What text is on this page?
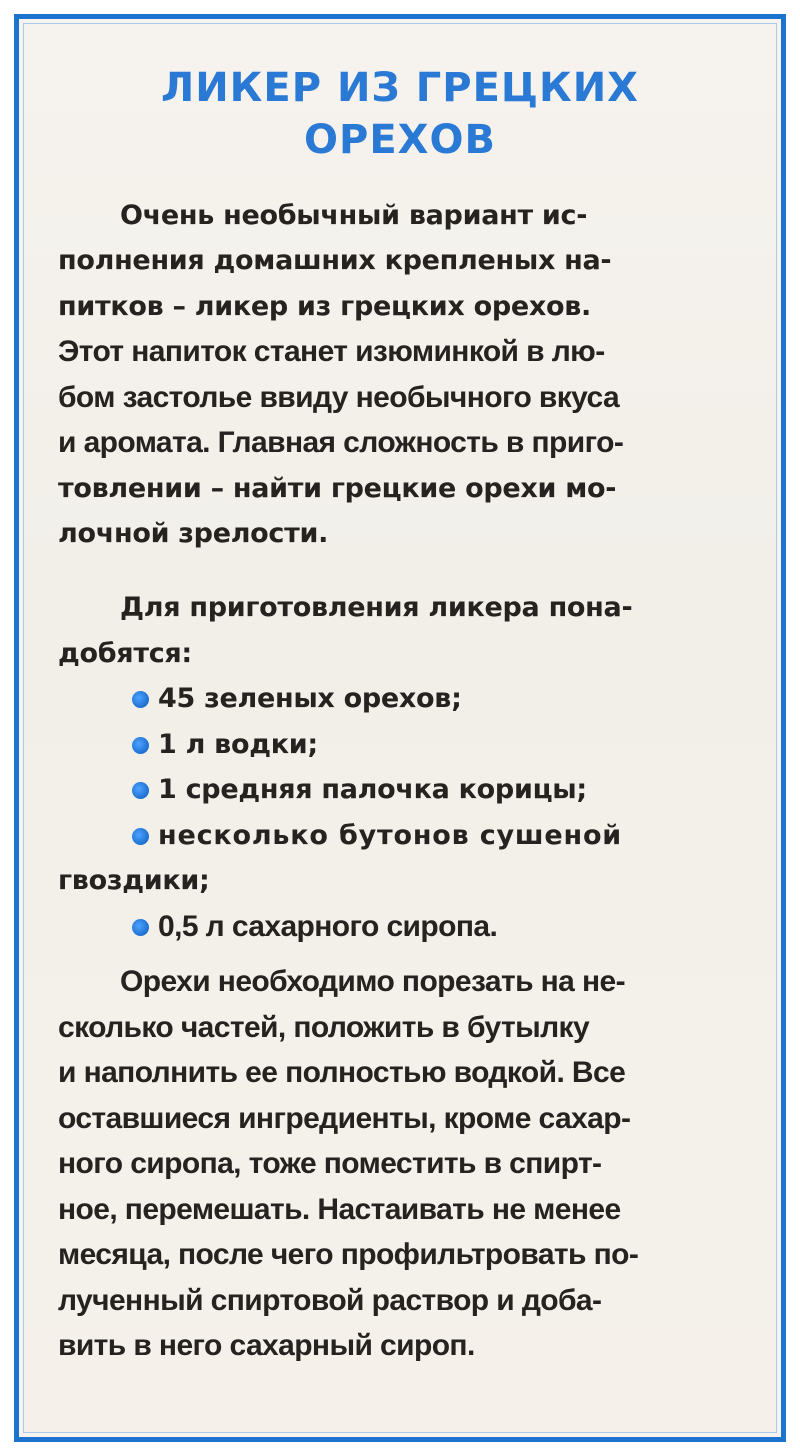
ЛИКЕР ИЗ ГРЕЦКИХ
ОРЕХОВ
Очень необычный вариант ис-
полнения домашних крепленых на-
питков – ликер из грецких орехов.
Этот напиток станет изюминкой в лю-
бом застолье ввиду необычного вкуса
и аромата. Главная сложность в приго-
товлении – найти грецкие орехи мо-
лочной зрелости.
Для приготовления ликера пона-
добятся:
45 зеленых орехов;
1 л водки;
1 средняя палочка корицы;
несколько бутонов сушеной
гвоздики;
0,5 л сахарного сиропа.
Орехи необходимо порезать на не-
сколько частей, положить в бутылку
и наполнить ее полностью водкой. Все
оставшиеся ингредиенты, кроме сахар-
ного сиропа, тоже поместить в спирт-
ное, перемешать. Настаивать не менее
месяца, после чего профильтровать по-
лученный спиртовой раствор и доба-
вить в него сахарный сироп.
